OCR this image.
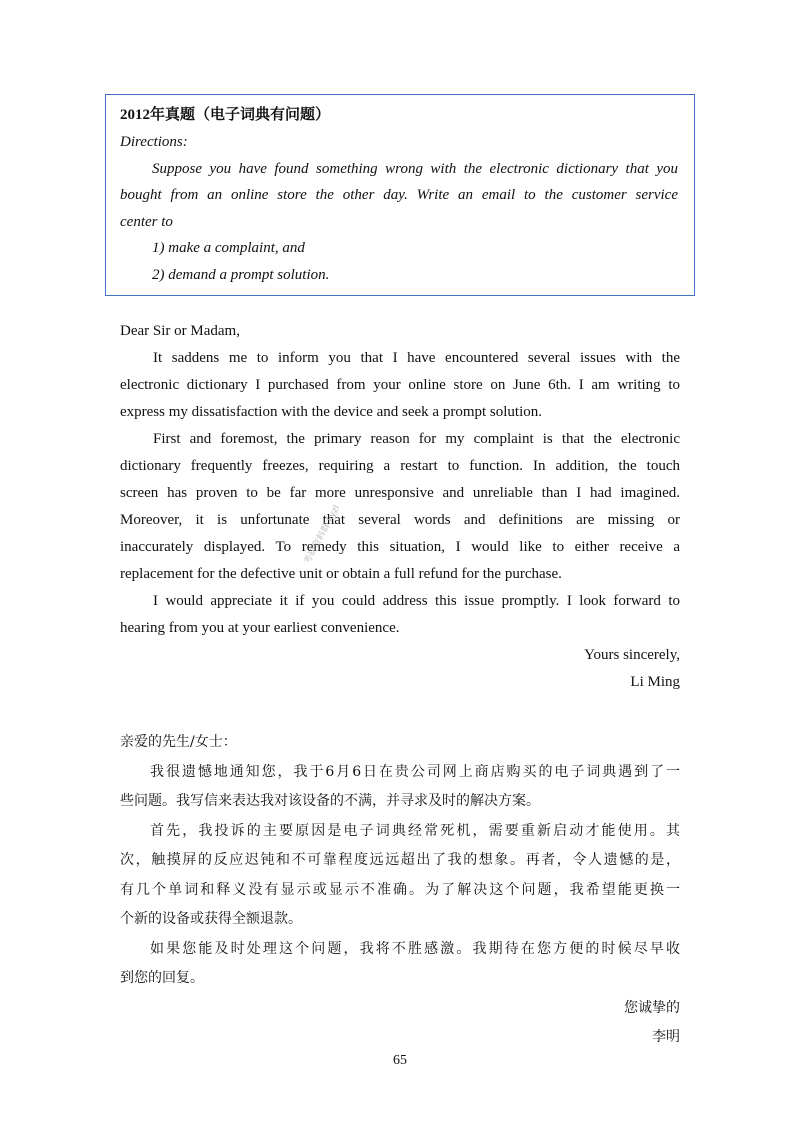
2012年真题（电子词典有问题）
Directions:
Suppose you have found something wrong with the electronic dictionary that you
bought from an online store the other day. Write an email to the customer service
center to
1) make a complaint, and
2) demand a prompt solution.
Dear Sir or Madam,
It saddens me to inform you that I have encountered several issues with the
electronic dictionary I purchased from your online store on June 6th. I am writing to
express my dissatisfaction with the device and seek a prompt solution.
First and foremost, the primary reason for my complaint is that the electronic
dictionary frequently freezes, requiring a restart to function. In addition, the touch
screen has proven to be far more unresponsive and unreliable than I had imagined.
Moreover, it is unfortunate that several words and definitions are missing or
inaccurately displayed. To remedy this situation, I would like to either receive a
replacement for the defective unit or obtain a full refund for the purchase.
I would appreciate it if you could address this issue promptly. I look forward to
hearing from you at your earliest convenience.
Yours sincerely,
Li Ming
亲爱的先生/女士：
我很遗憾地通知您，我于6月6日在贵公司网上商店购买的电子词典遇到了一
些问题。我写信来表达我对该设备的不满，并寻求及时的解决方案。
首先，我投诉的主要原因是电子词典经常死机，需要重新启动才能使用。其
次，触摸屏的反应迟钝和不可靠程度远远超出了我的想象。再者，令人遗憾的是，
有几个单词和释义没有显示或显示不准确。为了解决这个问题，我希望能更换一
个新的设备或获得全额退款。
如果您能及时处理这个问题，我将不胜感激。我期待在您方便的时候尽早收
到您的回复。
您诚挚的
李明
考研资料群 kyzl
65
